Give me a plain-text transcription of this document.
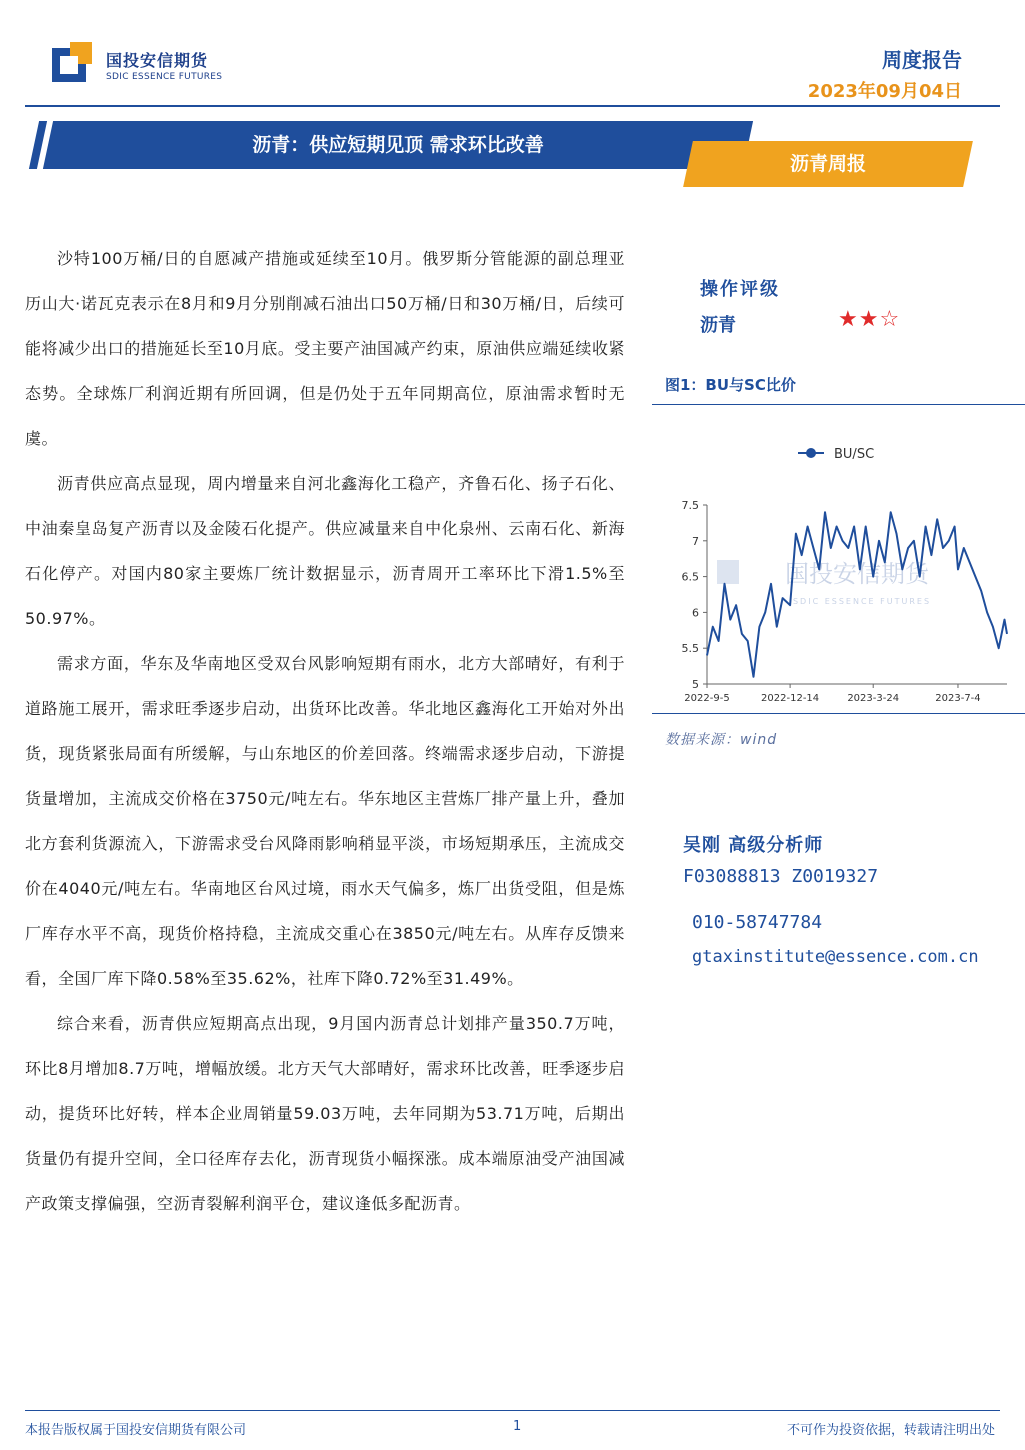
国投安信期货
SDIC ESSENCE FUTURES
周度报告
2023年09月04日
沥青：供应短期见顶 需求环比改善
沥青周报

沙特100万桶/日的自愿减产措施或延续至10月。俄罗斯分管能源的副总理亚历山大·诺瓦克表示在8月和9月分别削减石油出口50万桶/日和30万桶/日，后续可能将减少出口的措施延长至10月底。受主要产油国减产约束，原油供应端延续收紧态势。全球炼厂利润近期有所回调，但是仍处于五年同期高位，原油需求暂时无虞。

沥青供应高点显现，周内增量来自河北鑫海化工稳产，齐鲁石化、扬子石化、中油秦皇岛复产沥青以及金陵石化提产。供应减量来自中化泉州、云南石化、新海石化停产。对国内80家主要炼厂统计数据显示，沥青周开工率环比下滑1.5%至50.97%。

需求方面，华东及华南地区受双台风影响短期有雨水，北方大部晴好，有利于道路施工展开，需求旺季逐步启动，出货环比改善。华北地区鑫海化工开始对外出货，现货紧张局面有所缓解，与山东地区的价差回落。终端需求逐步启动，下游提货量增加，主流成交价格在3750元/吨左右。华东地区主营炼厂排产量上升，叠加北方套利货源流入，下游需求受台风降雨影响稍显平淡，市场短期承压，主流成交价在4040元/吨左右。华南地区台风过境，雨水天气偏多，炼厂出货受阻，但是炼厂库存水平不高，现货价格持稳，主流成交重心在3850元/吨左右。从库存反馈来看，全国厂库下降0.58%至35.62%，社库下降0.72%至31.49%。

综合来看，沥青供应短期高点出现，9月国内沥青总计划排产量350.7万吨，环比8月增加8.7万吨，增幅放缓。北方天气大部晴好，需求环比改善，旺季逐步启动，提货环比好转，样本企业周销量59.03万吨，去年同期为53.71万吨，后期出货量仍有提升空间，全口径库存去化，沥青现货小幅探涨。成本端原油受产油国减产政策支撑偏强，空沥青裂解利润平仓，建议逢低多配沥青。

操作评级
沥青	★★☆
图1：BU与SC比价
国投安信期货
SDIC ESSENCE FUTURES
BU/SC
5
5.5
6
6.5
7
7.5
2022-9-5	2022-12-14	2023-3-24	2023-7-4
数据来源：wind
吴刚 高级分析师
F03088813 Z0019327
010-58747784
gtaxinstitute@essence.com.cn
本报告版权属于国投安信期货有限公司	1	不可作为投资依据，转载请注明出处
